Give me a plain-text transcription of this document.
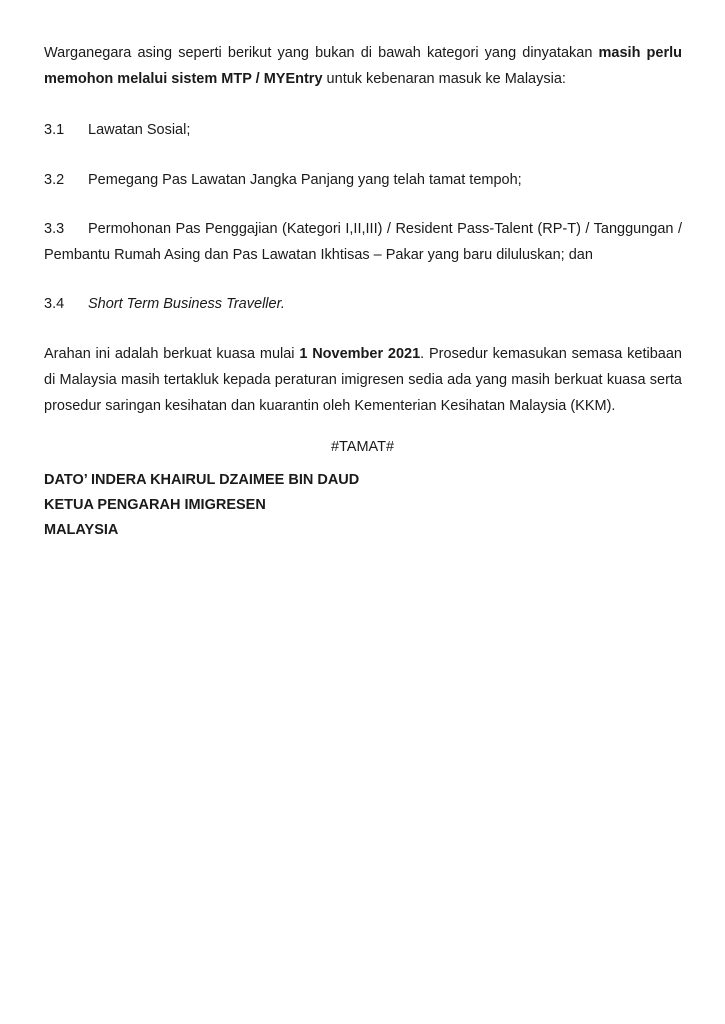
Warganegara asing seperti berikut yang bukan di bawah kategori yang dinyatakan masih perlu memohon melalui sistem MTP / MYEntry untuk kebenaran masuk ke Malaysia:

3.1 Lawatan Sosial;
3.2 Pemegang Pas Lawatan Jangka Panjang yang telah tamat tempoh;
3.3 Permohonan Pas Penggajian (Kategori I,II,III) / Resident Pass-Talent (RP-T) / Tanggungan / Pembantu Rumah Asing dan Pas Lawatan Ikhtisas – Pakar yang baru diluluskan; dan
3.4 Short Term Business Traveller.

Arahan ini adalah berkuat kuasa mulai 1 November 2021. Prosedur kemasukan semasa ketibaan di Malaysia masih tertakluk kepada peraturan imigresen sedia ada yang masih berkuat kuasa serta prosedur saringan kesihatan dan kuarantin oleh Kementerian Kesihatan Malaysia (KKM).

#TAMAT#
DATO’ INDERA KHAIRUL DZAIMEE BIN DAUD
KETUA PENGARAH IMIGRESEN
MALAYSIA
